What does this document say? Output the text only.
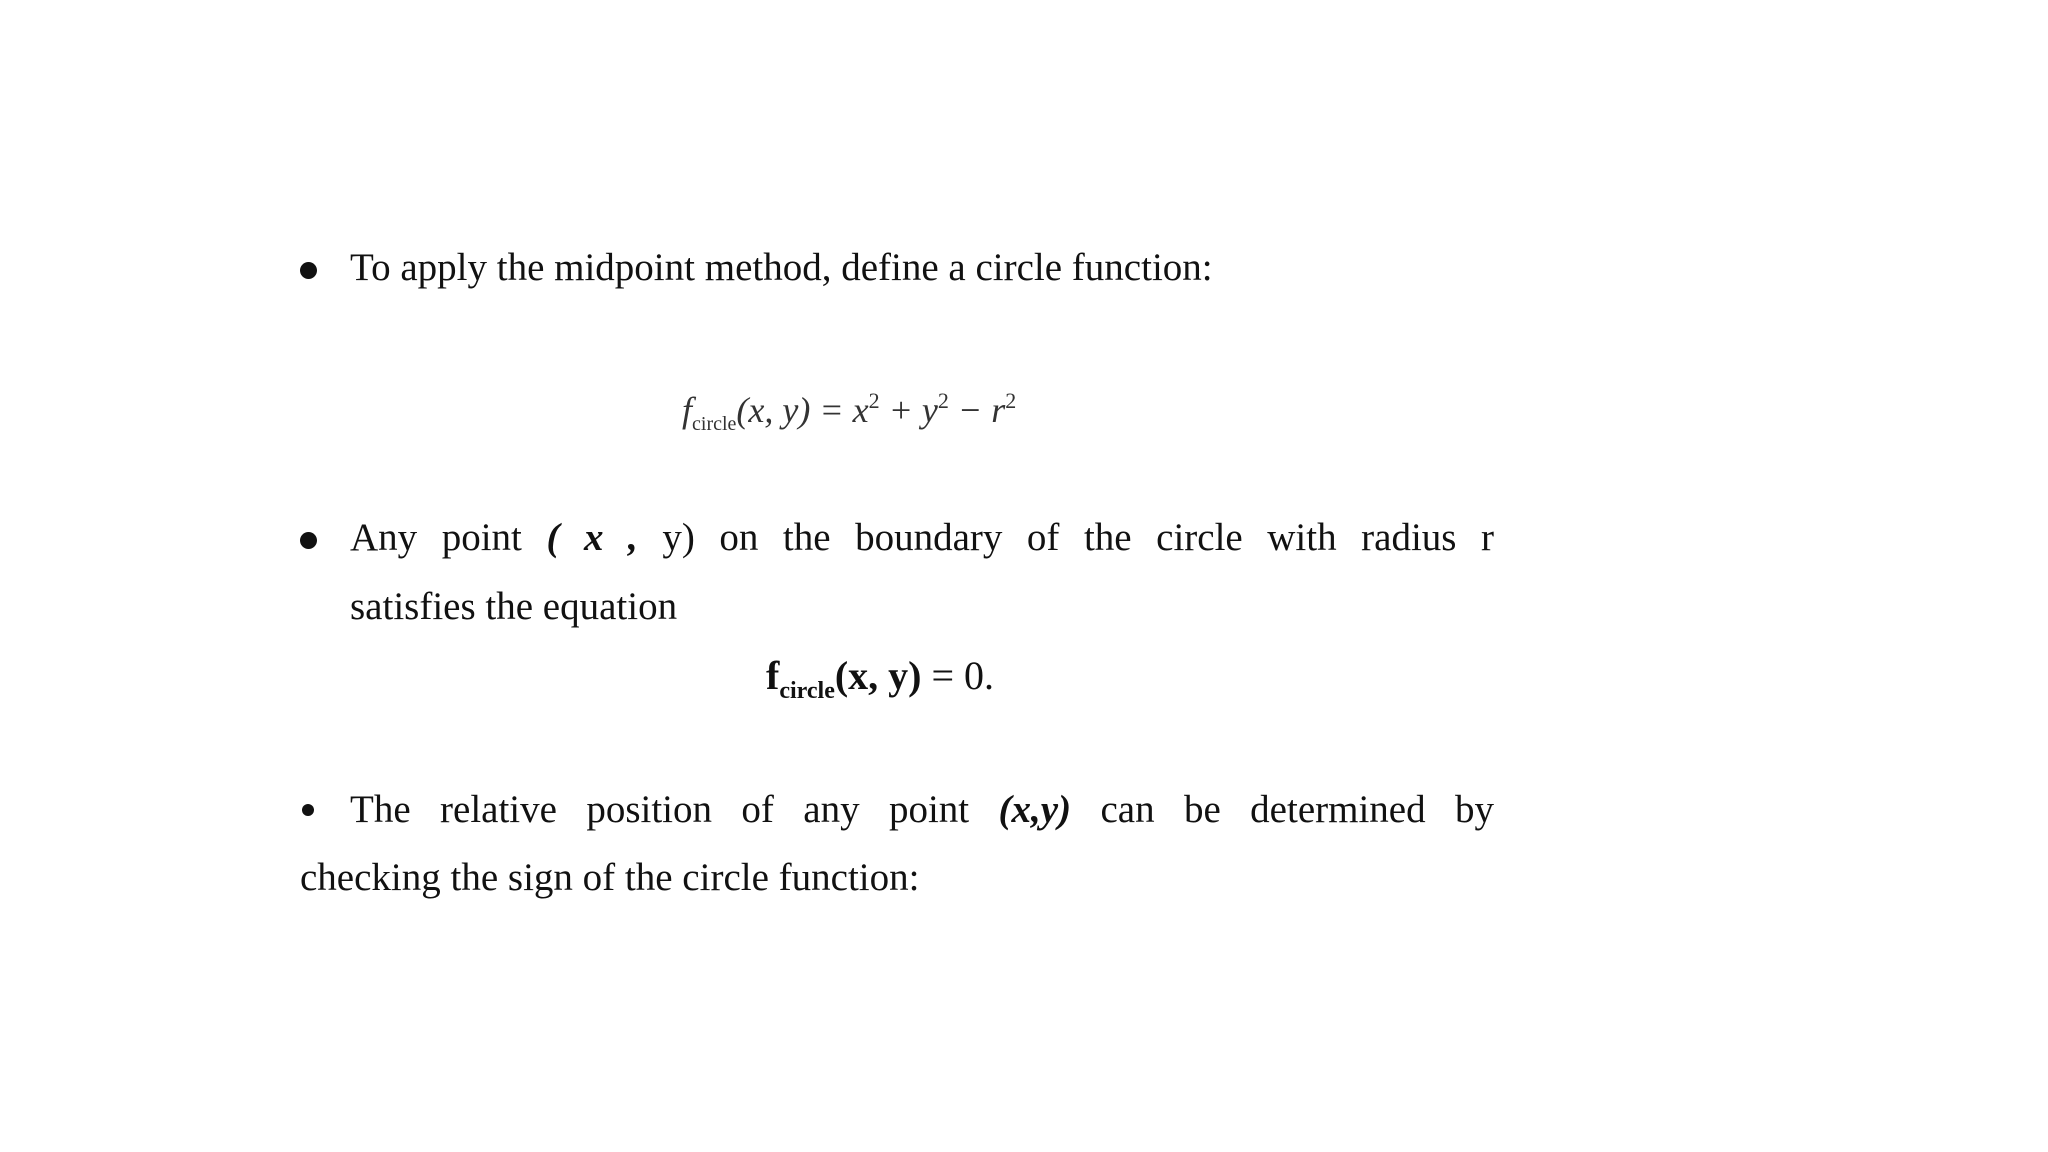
To apply the midpoint method, define a circle function:
$f_{circle}(x$, $y) = x^2 + y^2 - r^2$
Any point ( x , y) on the boundary of the circle with radius r
satisfies the equation
$f_{circle}(x$, y) = 0.
The relative position of any point (x,y) can be determined by
checking the sign of the circle function:
